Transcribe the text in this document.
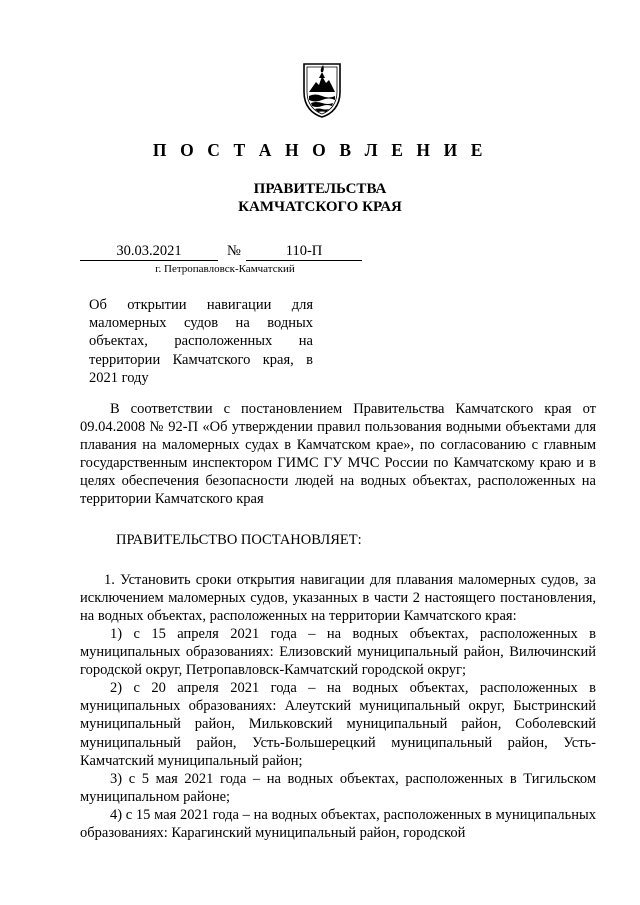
П О С Т А Н О В Л Е Н И Е
ПРАВИТЕЛЬСТВА
КАМЧАТСКОГО КРАЯ
30.03.2021	№	110-П
г. Петропавловск-Камчатский
Об открытии навигации для маломерных судов на водных объектах, расположенных на территории Камчатского края, в 2021 году

В соответствии с постановлением Правительства Камчатского края от 09.04.2008 № 92-П «Об утверждении правил пользования водными объектами для плавания на маломерных судах в Камчатском крае», по согласованию с главным государственным инспектором ГИМС ГУ МЧС России по Камчатскому краю и в целях обеспечения безопасности людей на водных объектах, расположенных на территории Камчатского края

ПРАВИТЕЛЬСТВО ПОСТАНОВЛЯЕТ:

1. Установить сроки открытия навигации для плавания маломерных судов, за исключением маломерных судов, указанных в части 2 настоящего постановления, на водных объектах, расположенных на территории Камчатского края:

1) с 15 апреля 2021 года – на водных объектах, расположенных в муниципальных образованиях: Елизовский муниципальный район, Вилючинский городской округ, Петропавловск-Камчатский городской округ;

2) с 20 апреля 2021 года – на водных объектах, расположенных в муниципальных образованиях: Алеутский муниципальный округ, Быстринский муниципальный район, Мильковский муниципальный район, Соболевский муниципальный район, Усть-Большерецкий муниципальный район, Усть-Камчатский муниципальный район;

3) с 5 мая 2021 года – на водных объектах, расположенных в Тигильском муниципальном районе;

4) с 15 мая 2021 года – на водных объектах, расположенных в муниципальных образованиях: Карагинский муниципальный район, городской
